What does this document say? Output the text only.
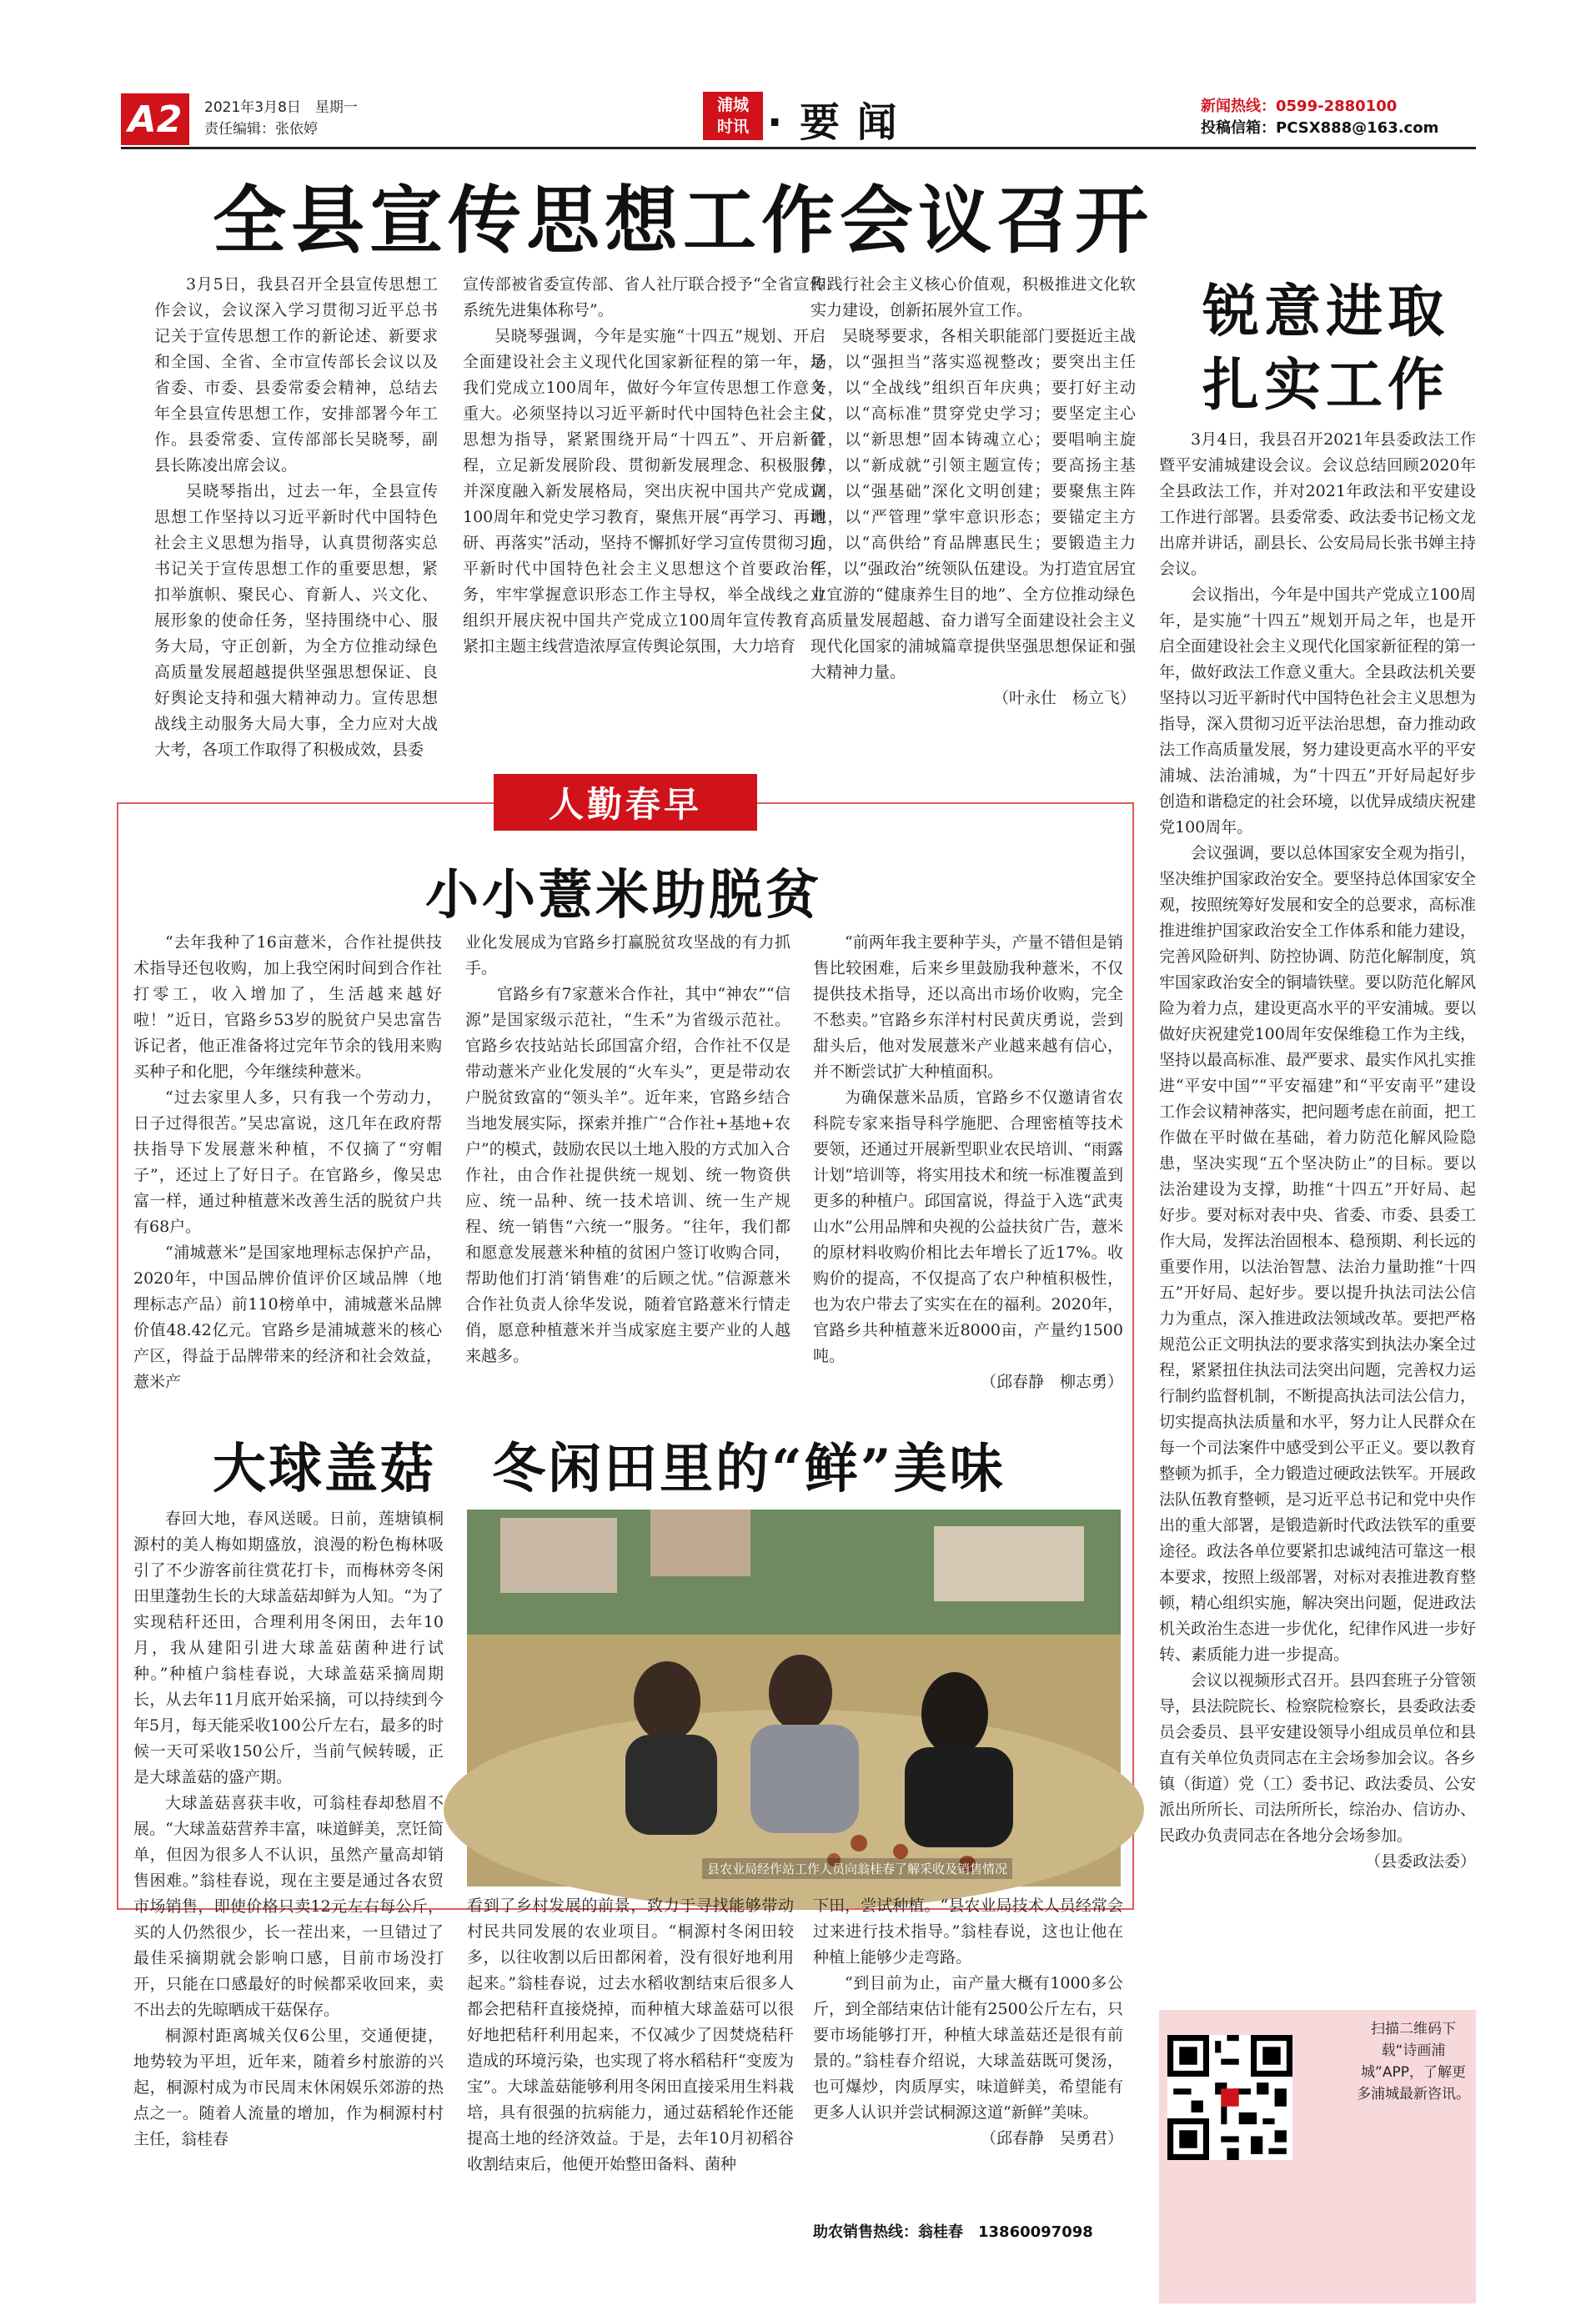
A2	2021年3月8日　星期一
责任编辑：张依婷
浦城
时讯 · 要 闻	新闻热线：0599-2880100
投稿信箱：PCSX888@163.com
全县宣传思想工作会议召开

3月5日，我县召开全县宣传思想工作会议，会议深入学习贯彻习近平总书记关于宣传思想工作的新论述、新要求和全国、全省、全市宣传部长会议以及省委、市委、县委常委会精神，总结去年全县宣传思想工作，安排部署今年工作。县委常委、宣传部部长吴晓琴，副县长陈凌出席会议。

吴晓琴指出，过去一年，全县宣传思想工作坚持以习近平新时代中国特色社会主义思想为指导，认真贯彻落实总书记关于宣传思想工作的重要思想，紧扣举旗帜、聚民心、育新人、兴文化、展形象的使命任务，坚持围绕中心、服务大局，守正创新，为全方位推动绿色高质量发展超越提供坚强思想保证、良好舆论支持和强大精神动力。宣传思想战线主动服务大局大事，全力应对大战大考，各项工作取得了积极成效，县委

宣传部被省委宣传部、省人社厅联合授予“全省宣传系统先进集体称号”。

吴晓琴强调，今年是实施“十四五”规划、开启全面建设社会主义现代化国家新征程的第一年，是我们党成立100周年，做好今年宣传思想工作意义重大。必须坚持以习近平新时代中国特色社会主义思想为指导，紧紧围绕开局“十四五”、开启新征程，立足新发展阶段、贯彻新发展理念、积极服务并深度融入新发展格局，突出庆祝中国共产党成立100周年和党史学习教育，聚焦开展“再学习、再调研、再落实”活动，坚持不懈抓好学习宣传贯彻习近平新时代中国特色社会主义思想这个首要政治任务，牢牢掌握意识形态工作主导权，举全战线之力组织开展庆祝中国共产党成立100周年宣传教育，紧扣主题主线营造浓厚宣传舆论氛围，大力培育

和践行社会主义核心价值观，积极推进文化软实力建设，创新拓展外宣工作。

吴晓琴要求，各相关职能部门要挺近主战场，以“强担当”落实巡视整改；要突出主任务，以“全战线”组织百年庆典；要打好主动仗，以“高标准”贯穿党史学习；要坚定主心骨，以“新思想”固本铸魂立心；要唱响主旋律，以“新成就”引领主题宣传；要高扬主基调，以“强基础”深化文明创建；要聚焦主阵地，以“严管理”掌牢意识形态；要锚定主方向，以“高供给”育品牌惠民生；要锻造主力军，以“强政治”统领队伍建设。为打造宜居宜业宜游的“健康养生目的地”、全方位推动绿色高质量发展超越、奋力谱写全面建设社会主义现代化国家的浦城篇章提供坚强思想保证和强大精神力量。

（叶永仕　杨立飞）
锐意进取
扎实工作

3月4日，我县召开2021年县委政法工作暨平安浦城建设会议。会议总结回顾2020年全县政法工作，并对2021年政法和平安建设工作进行部署。县委常委、政法委书记杨文龙出席并讲话，副县长、公安局局长张书婵主持会议。

会议指出，今年是中国共产党成立100周年，是实施“十四五”规划开局之年，也是开启全面建设社会主义现代化国家新征程的第一年，做好政法工作意义重大。全县政法机关要坚持以习近平新时代中国特色社会主义思想为指导，深入贯彻习近平法治思想，奋力推动政法工作高质量发展，努力建设更高水平的平安浦城、法治浦城，为“十四五”开好局起好步创造和谐稳定的社会环境，以优异成绩庆祝建党100周年。

会议强调，要以总体国家安全观为指引，坚决维护国家政治安全。要坚持总体国家安全观，按照统筹好发展和安全的总要求，高标准推进维护国家政治安全工作体系和能力建设，完善风险研判、防控协调、防范化解制度，筑牢国家政治安全的铜墙铁壁。要以防范化解风险为着力点，建设更高水平的平安浦城。要以做好庆祝建党100周年安保维稳工作为主线，坚持以最高标准、最严要求、最实作风扎实推进“平安中国”“平安福建”和“平安南平”建设工作会议精神落实，把问题考虑在前面，把工作做在平时做在基础，着力防范化解风险隐患，坚决实现“五个坚决防止”的目标。要以法治建设为支撑，助推“十四五”开好局、起好步。要对标对表中央、省委、市委、县委工作大局，发挥法治固根本、稳预期、利长远的重要作用，以法治智慧、法治力量助推“十四五”开好局、起好步。要以提升执法司法公信力为重点，深入推进政法领域改革。要把严格规范公正文明执法的要求落实到执法办案全过程，紧紧扭住执法司法突出问题，完善权力运行制约监督机制，不断提高执法司法公信力，切实提高执法质量和水平，努力让人民群众在每一个司法案件中感受到公平正义。要以教育整顿为抓手，全力锻造过硬政法铁军。开展政法队伍教育整顿，是习近平总书记和党中央作出的重大部署，是锻造新时代政法铁军的重要途径。政法各单位要紧扣忠诚纯洁可靠这一根本要求，按照上级部署，对标对表推进教育整顿，精心组织实施，解决突出问题，促进政法机关政治生态进一步优化，纪律作风进一步好转、素质能力进一步提高。

会议以视频形式召开。县四套班子分管领导，县法院院长、检察院检察长，县委政法委员会委员、县平安建设领导小组成员单位和县直有关单位负责同志在主会场参加会议。各乡镇（街道）党（工）委书记、政法委员、公安派出所所长、司法所所长，综治办、信访办、民政办负责同志在各地分会场参加。

（县委政法委）
人勤春早
小小薏米助脱贫

“去年我种了16亩薏米，合作社提供技术指导还包收购，加上我空闲时间到合作社打零工，收入增加了，生活越来越好啦！”近日，官路乡53岁的脱贫户吴忠富告诉记者，他正准备将过完年节余的钱用来购买种子和化肥，今年继续种薏米。

“过去家里人多，只有我一个劳动力，日子过得很苦。”吴忠富说，这几年在政府帮扶指导下发展薏米种植，不仅摘了“穷帽子”，还过上了好日子。在官路乡，像吴忠富一样，通过种植薏米改善生活的脱贫户共有68户。

“浦城薏米”是国家地理标志保护产品，2020年，中国品牌价值评价区域品牌（地理标志产品）前110榜单中，浦城薏米品牌价值48.42亿元。官路乡是浦城薏米的核心产区，得益于品牌带来的经济和社会效益，薏米产

业化发展成为官路乡打赢脱贫攻坚战的有力抓手。

官路乡有7家薏米合作社，其中“神农”“信源”是国家级示范社，“生禾”为省级示范社。官路乡农技站站长邱国富介绍，合作社不仅是带动薏米产业化发展的“火车头”，更是带动农户脱贫致富的“领头羊”。近年来，官路乡结合当地发展实际，探索并推广“合作社+基地+农户”的模式，鼓励农民以土地入股的方式加入合作社，由合作社提供统一规划、统一物资供应、统一品种、统一技术培训、统一生产规程、统一销售“六统一”服务。“往年，我们都和愿意发展薏米种植的贫困户签订收购合同，帮助他们打消‘销售难’的后顾之忧。”信源薏米合作社负责人徐华发说，随着官路薏米行情走俏，愿意种植薏米并当成家庭主要产业的人越来越多。

“前两年我主要种芋头，产量不错但是销售比较困难，后来乡里鼓励我种薏米，不仅提供技术指导，还以高出市场价收购，完全不愁卖。”官路乡东洋村村民黄庆勇说，尝到甜头后，他对发展薏米产业越来越有信心，并不断尝试扩大种植面积。

为确保薏米品质，官路乡不仅邀请省农科院专家来指导科学施肥、合理密植等技术要领，还通过开展新型职业农民培训、“雨露计划”培训等，将实用技术和统一标准覆盖到更多的种植户。邱国富说，得益于入选“武夷山水”公用品牌和央视的公益扶贫广告，薏米的原材料收购价相比去年增长了近17%。收购价的提高，不仅提高了农户种植积极性，也为农户带去了实实在在的福利。2020年，官路乡共种植薏米近8000亩，产量约1500吨。

（邱春静　柳志勇）
大球盖菇　冬闲田里的“鲜”美味

春回大地，春风送暖。日前，莲塘镇桐源村的美人梅如期盛放，浪漫的粉色梅林吸引了不少游客前往赏花打卡，而梅林旁冬闲田里蓬勃生长的大球盖菇却鲜为人知。“为了实现秸秆还田，合理利用冬闲田，去年10月，我从建阳引进大球盖菇菌种进行试种。”种植户翁桂春说，大球盖菇采摘周期长，从去年11月底开始采摘，可以持续到今年5月，每天能采收100公斤左右，最多的时候一天可采收150公斤，当前气候转暖，正是大球盖菇的盛产期。

大球盖菇喜获丰收，可翁桂春却愁眉不展。“大球盖菇营养丰富，味道鲜美，烹饪简单，但因为很多人不认识，虽然产量高却销售困难。”翁桂春说，现在主要是通过各农贸市场销售，即使价格只卖12元左右每公斤，买的人仍然很少，长一茬出来，一旦错过了最佳采摘期就会影响口感，目前市场没打开，只能在口感最好的时候都采收回来，卖不出去的先晾晒成干菇保存。

桐源村距离城关仅6公里，交通便捷，地势较为平坦，近年来，随着乡村旅游的兴起，桐源村成为市民周末休闲娱乐郊游的热点之一。随着人流量的增加，作为桐源村村主任，翁桂春

县农业局经作站工作人员向翁桂春了解采收及销售情况

看到了乡村发展的前景，致力于寻找能够带动村民共同发展的农业项目。“桐源村冬闲田较多，以往收割以后田都闲着，没有很好地利用起来。”翁桂春说，过去水稻收割结束后很多人都会把秸秆直接烧掉，而种植大球盖菇可以很好地把秸秆利用起来，不仅减少了因焚烧秸秆造成的环境污染，也实现了将水稻秸秆“变废为宝”。大球盖菇能够利用冬闲田直接采用生料栽培，具有很强的抗病能力，通过菇稻轮作还能提高土地的经济效益。于是，去年10月初稻谷收割结束后，他便开始整田备料、菌种

下田，尝试种植。“县农业局技术人员经常会过来进行技术指导。”翁桂春说，这也让他在种植上能够少走弯路。

“到目前为止，亩产量大概有1000多公斤，到全部结束估计能有2500公斤左右，只要市场能够打开，种植大球盖菇还是很有前景的。”翁桂春介绍说，大球盖菇既可煲汤，也可爆炒，肉质厚实，味道鲜美，希望能有更多人认识并尝试桐源这道“新鲜”美味。

（邱春静　吴勇君）
助农销售热线：翁桂春　13860097098
扫描二维码下载“诗画浦城”APP，了解更多浦城最新咨讯。
